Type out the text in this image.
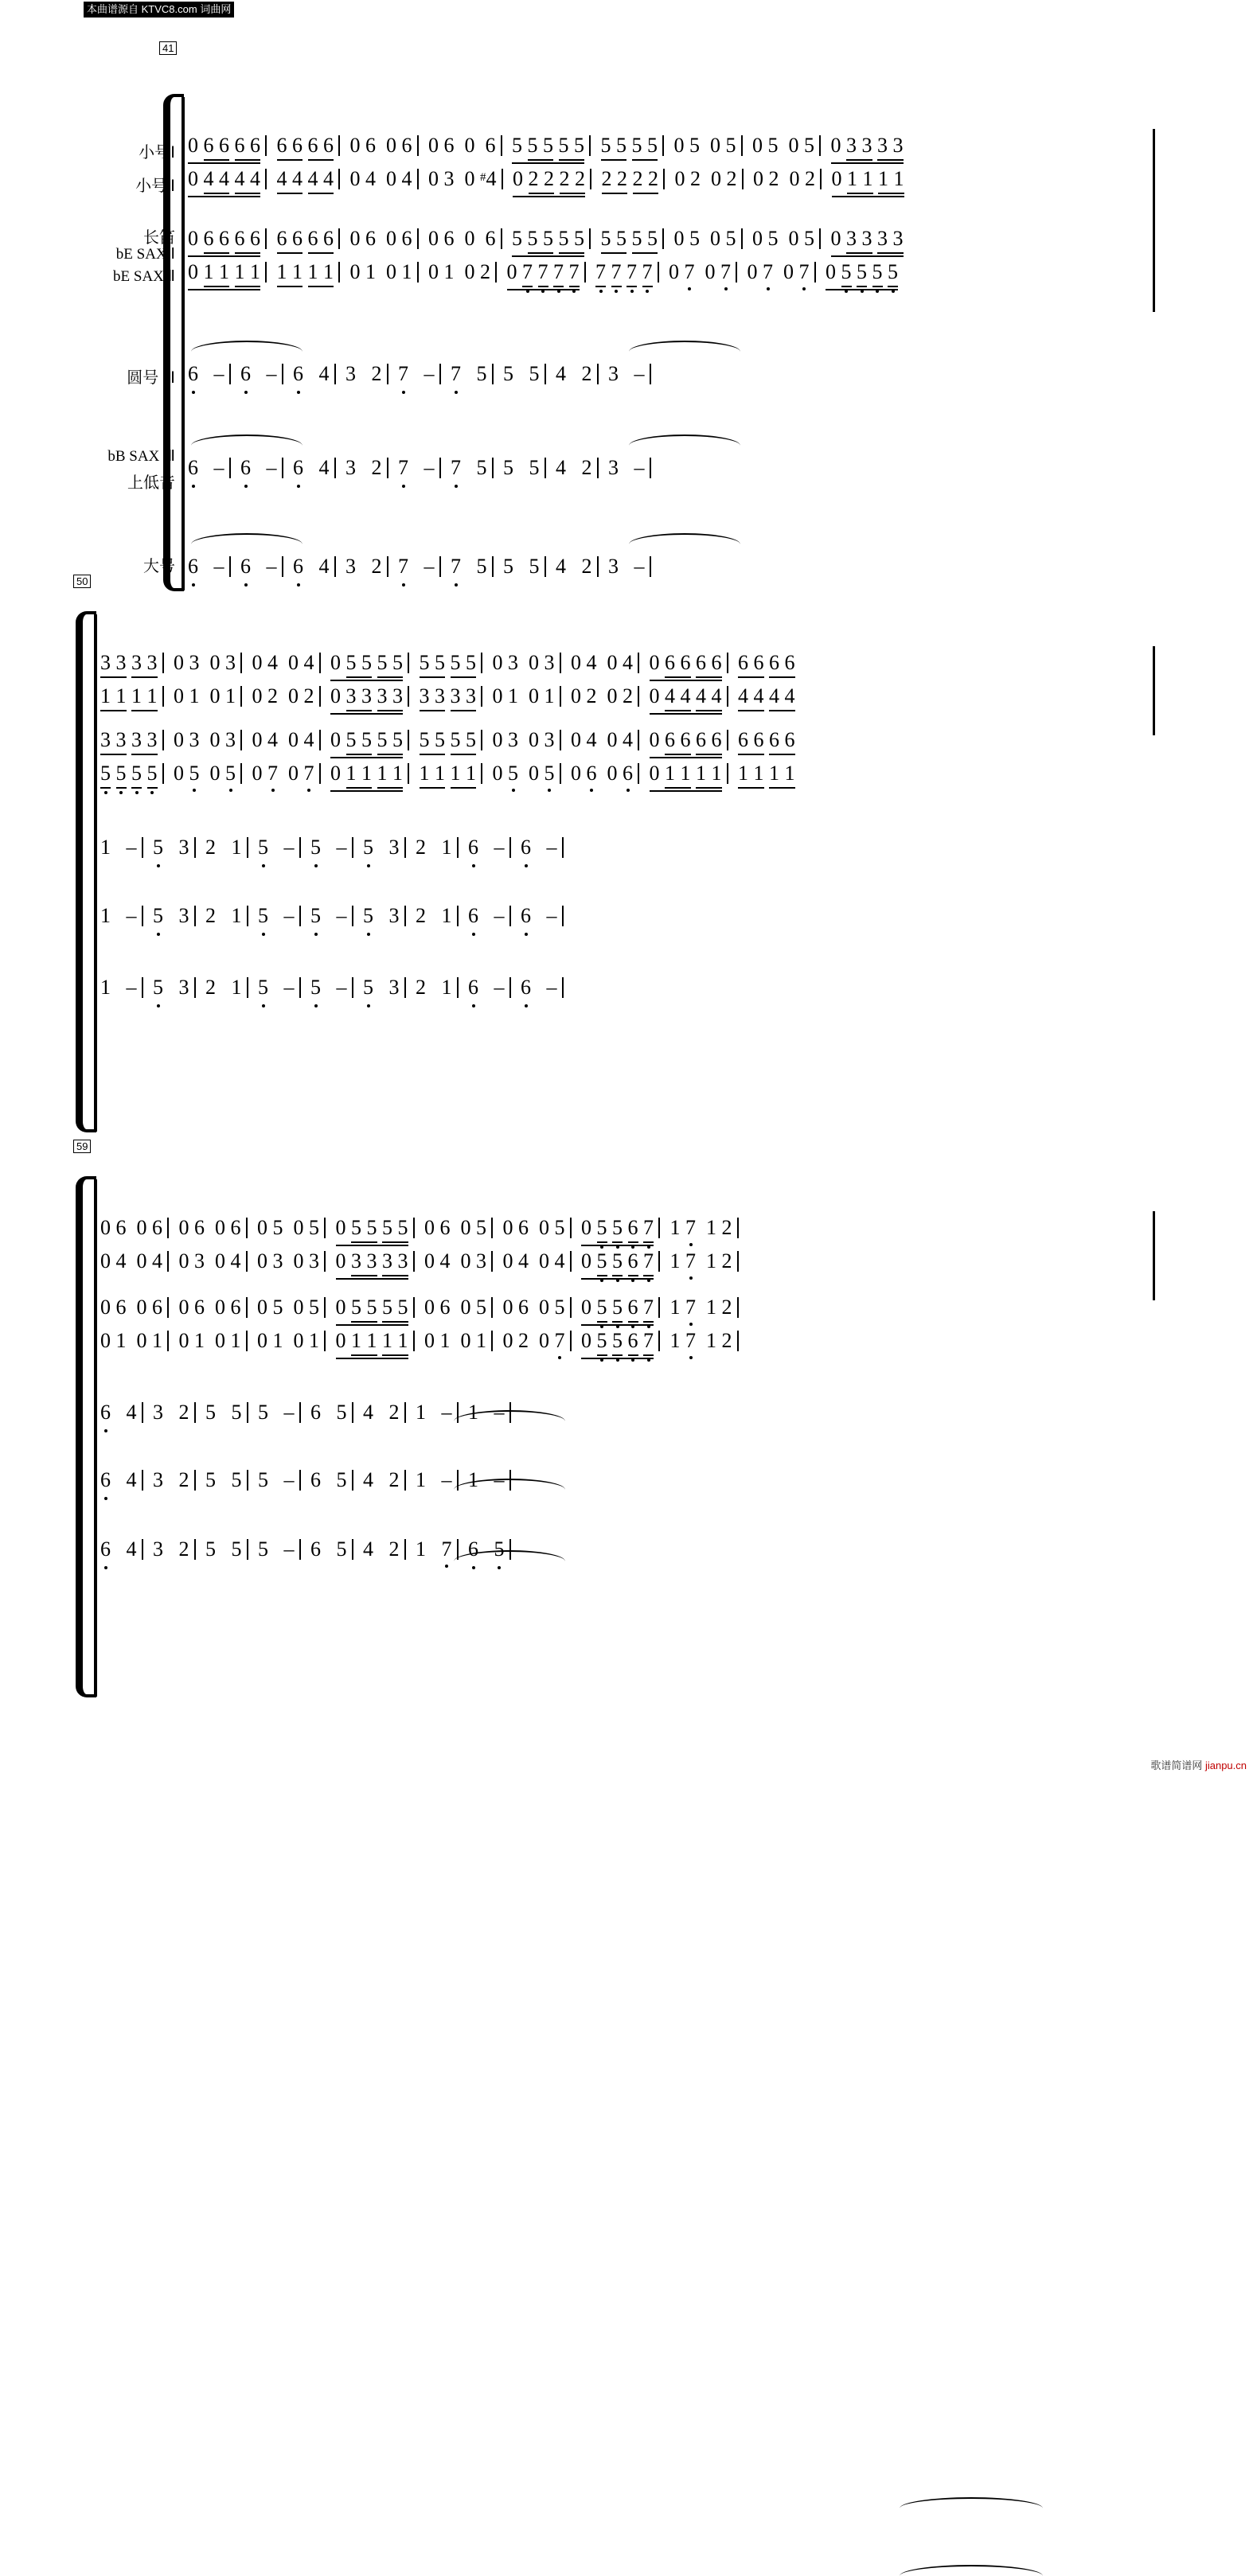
本曲谱源自 KTVC8.com 词曲网
41
小号Ⅰ
小号Ⅱ
长笛
bE SAX Ⅰ
bE SAX Ⅱ
圆号 ⅠⅡ
bB SAX ⅠⅡ
上低音
大号
0 6 6 6 6 6 6 6 6 0 6  0 6 0 6  0  6 5 5 5 5 5 5 5 5 5 0 5  0 5 0 5  0 5 0 3 3 3 3
0 4 4 4 4 4 4 4 4 0 4  0 4 0 3  0 #4 0 2 2 2 2 2 2 2 2 0 2  0 2 0 2  0 2 0 1 1 1 1
0 6 6 6 6 6 6 6 6 0 6  0 6 0 6  0  6 5 5 5 5 5 5 5 5 5 0 5  0 5 0 5  0 5 0 3 3 3 3
0 1 1 1 1 1 1 1 1 0 1  0 1 0 1  0 2 0 7 7 7 7 7 7 7 7 0 7  0 7 0 7  0 7 0 5 5 5 5
6   – 6   – 6   4 3   2 7   – 7   5 5   5 4   2 3   –
6   – 6   – 6   4 3   2 7   – 7   5 5   5 4   2 3   –
6   – 6   – 6   4 3   2 7   – 7   5 5   5 4   2 3   –
50
3 3 3 3 0 3  0 3 0 4  0 4 0 5 5 5 5 5 5 5 5 0 3  0 3 0 4  0 4 0 6 6 6 6 6 6 6 6
1 1 1 1 0 1  0 1 0 2  0 2 0 3 3 3 3 3 3 3 3 0 1  0 1 0 2  0 2 0 4 4 4 4 4 4 4 4
3 3 3 3 0 3  0 3 0 4  0 4 0 5 5 5 5 5 5 5 5 0 3  0 3 0 4  0 4 0 6 6 6 6 6 6 6 6
5 5 5 5 0 5  0 5 0 7  0 7 0 1 1 1 1 1 1 1 1 0 5  0 5 0 6  0 6 0 1 1 1 1 1 1 1 1
1   – 5   3 2   1 5   – 5   – 5   3 2   1 6   – 6   –
1   – 5   3 2   1 5   – 5   – 5   3 2   1 6   – 6   –
1   – 5   3 2   1 5   – 5   – 5   3 2   1 6   – 6   –
59
0 6  0 6 0 6  0 6 0 5  0 5 0 5 5 5 5 0 6  0 5 0 6  0 5 0 5 5 6 7 1 7  1 2
0 4  0 4 0 3  0 4 0 3  0 3 0 3 3 3 3 0 4  0 3 0 4  0 4 0 5 5 6 7 1 7  1 2
0 6  0 6 0 6  0 6 0 5  0 5 0 5 5 5 5 0 6  0 5 0 6  0 5 0 5 5 6 7 1 7  1 2
0 1  0 1 0 1  0 1 0 1  0 1 0 1 1 1 1 0 1  0 1 0 2  0 7 0 5 5 6 7 1 7  1 2
6   4 3   2 5   5 5   – 6   5 4   2 1   – 1   –
6   4 3   2 5   5 5   – 6   5 4   2 1   – 1   –
6   4 3   2 5   5 5   – 6   5 4   2 1   7 6 5
歌谱简谱网 jianpu.cn
